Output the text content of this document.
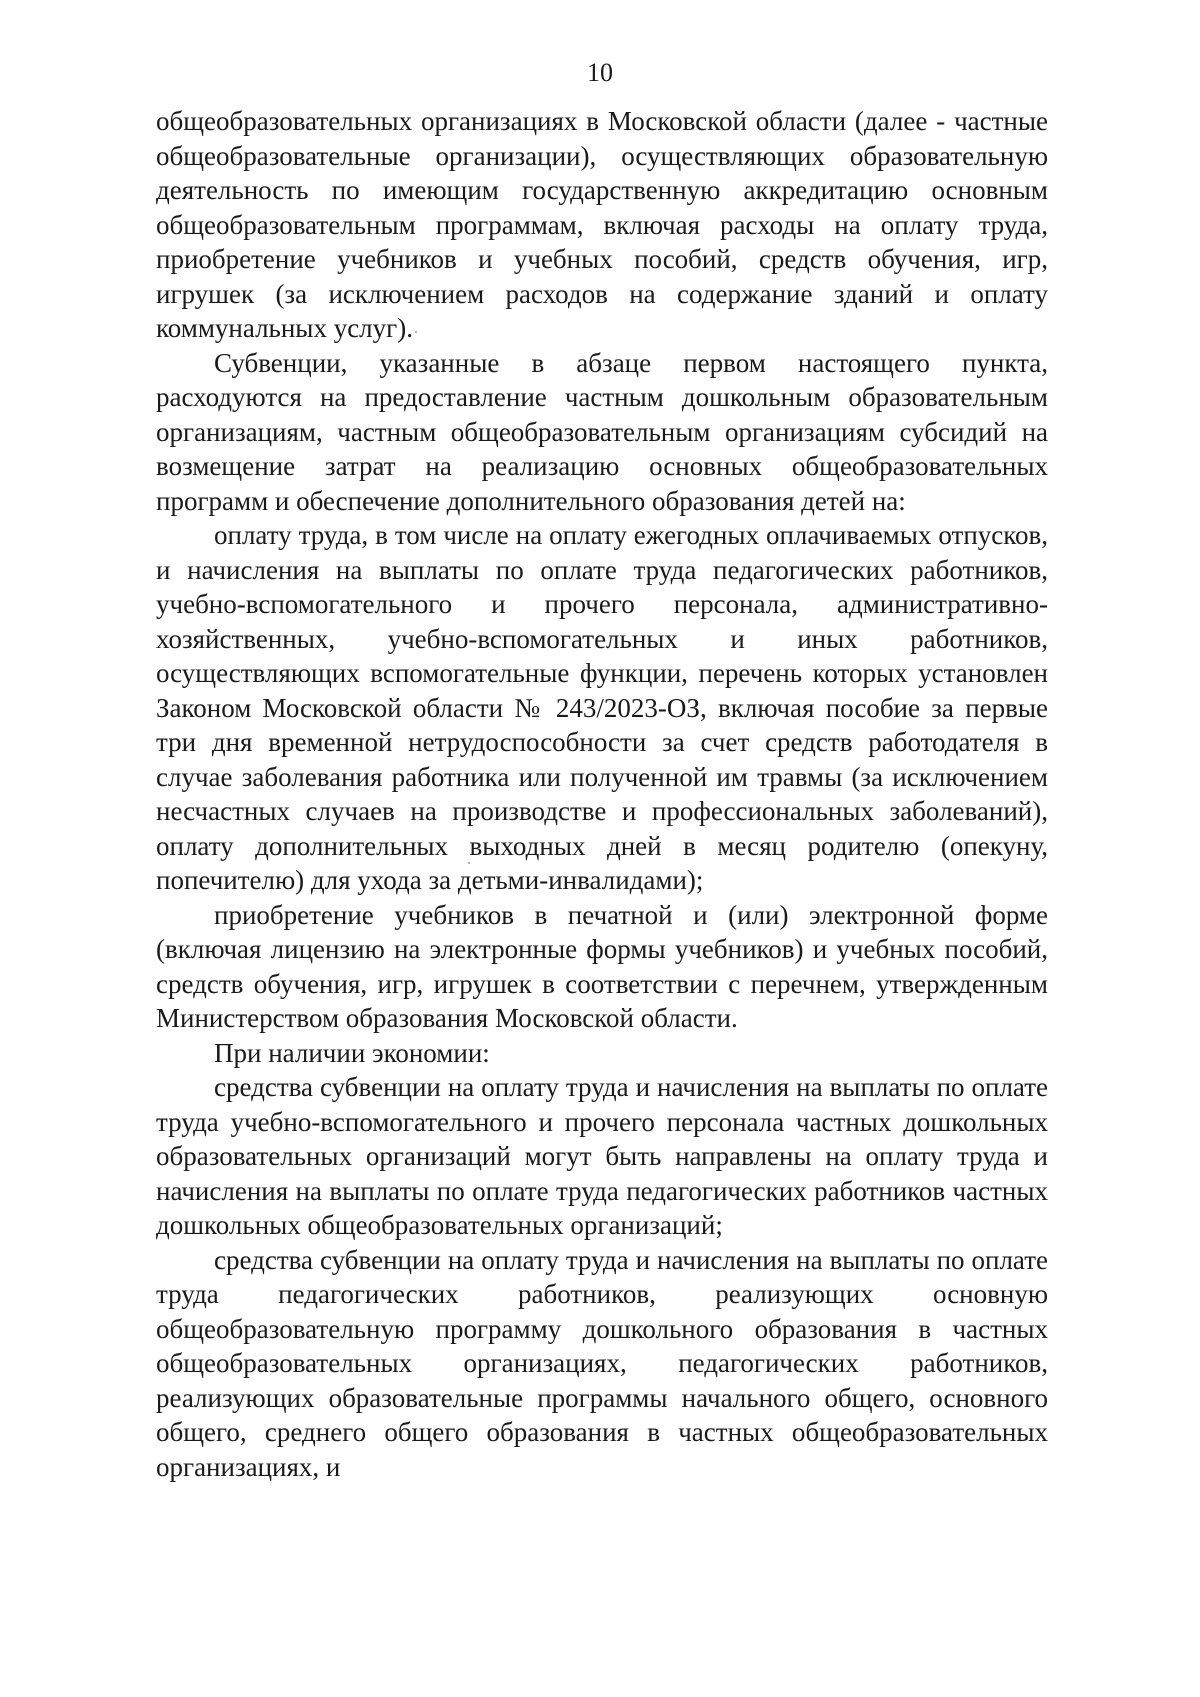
10

общеобразовательных организациях в Московской области (далее - частные общеобразовательные организации), осуществляющих образовательную деятельность по имеющим государственную аккредитацию основным общеобразовательным программам, включая расходы на оплату труда, приобретение учебников и учебных пособий, средств обучения, игр, игрушек (за исключением расходов на содержание зданий и оплату коммунальных услуг).

Субвенции, указанные в абзаце первом настоящего пункта, расходуются на предоставление частным дошкольным образовательным организациям, частным общеобразовательным организациям субсидий на возмещение затрат на реализацию основных общеобразовательных программ и обеспечение дополнительного образования детей на:

оплату труда, в том числе на оплату ежегодных оплачиваемых отпусков, и начисления на выплаты по оплате труда педагогических работников, учебно-вспомогательного и прочего персонала, административно-хозяйственных, учебно-вспомогательных и иных работников, осуществляющих вспомогательные функции, перечень которых установлен Законом Московской области № 243/2023-ОЗ, включая пособие за первые три дня временной нетрудоспособности за счет средств работодателя в случае заболевания работника или полученной им травмы (за исключением несчастных случаев на производстве и профессиональных заболеваний), оплату дополнительных выходных дней в месяц родителю (опекуну, попечителю) для ухода за детьми-инвалидами);

приобретение учебников в печатной и (или) электронной форме (включая лицензию на электронные формы учебников) и учебных пособий, средств обучения, игр, игрушек в соответствии с перечнем, утвержденным Министерством образования Московской области.

При наличии экономии:

средства субвенции на оплату труда и начисления на выплаты по оплате труда учебно-вспомогательного и прочего персонала частных дошкольных образовательных организаций могут быть направлены на оплату труда и начисления на выплаты по оплате труда педагогических работников частных дошкольных общеобразовательных организаций;

средства субвенции на оплату труда и начисления на выплаты по оплате труда педагогических работников, реализующих основную общеобразовательную программу дошкольного образования в частных общеобразовательных организациях, педагогических работников, реализующих образовательные программы начального общего, основного общего, среднего общего образования в частных общеобразовательных организациях, и
